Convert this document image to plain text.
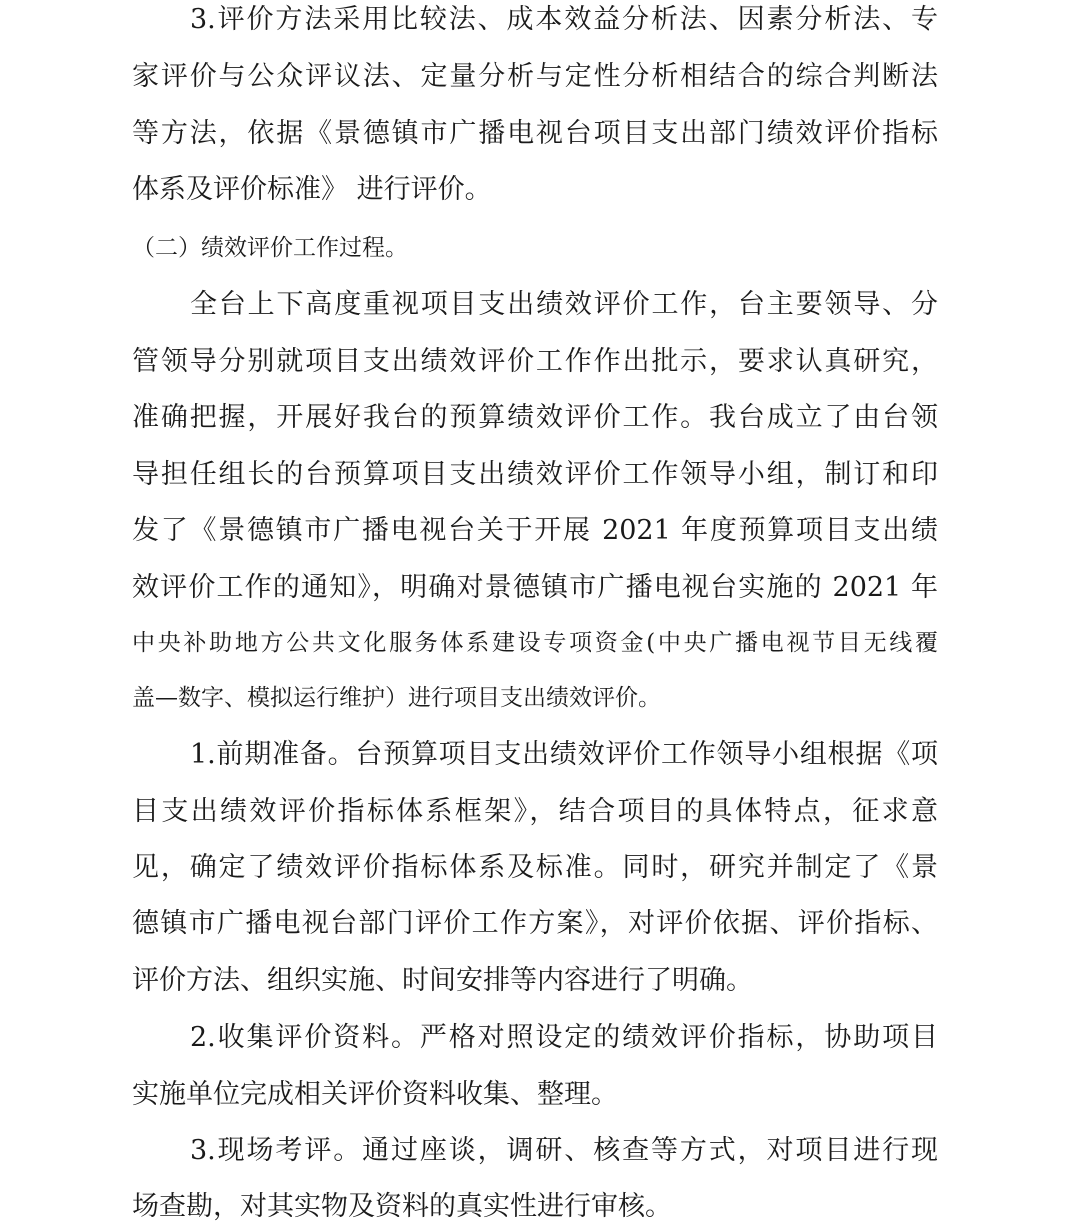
3.评价方法采用比较法、成本效益分析法、因素分析法、专
家评价与公众评议法、定量分析与定性分析相结合的综合判断法
等方法，依据《景德镇市广播电视台项目支出部门绩效评价指标
体系及评价标准》 进行评价。
（二）绩效评价工作过程。
全台上下高度重视项目支出绩效评价工作，台主要领导、分
管领导分别就项目支出绩效评价工作作出批示，要求认真研究，
准确把握，开展好我台的预算绩效评价工作。我台成立了由台领
导担任组长的台预算项目支出绩效评价工作领导小组，制订和印
发了《景德镇市广播电视台关于开展 2021 年度预算项目支出绩
效评价工作的通知》，明确对景德镇市广播电视台实施的 2021 年
中央补助地方公共文化服务体系建设专项资金(中央广播电视节目无线覆
盖—数字、模拟运行维护）进行项目支出绩效评价。
1.前期准备。台预算项目支出绩效评价工作领导小组根据《项
目支出绩效评价指标体系框架》，结合项目的具体特点，征求意
见，确定了绩效评价指标体系及标准。同时，研究并制定了《景
德镇市广播电视台部门评价工作方案》，对评价依据、评价指标、
评价方法、组织实施、时间安排等内容进行了明确。
2.收集评价资料。严格对照设定的绩效评价指标，协助项目
实施单位完成相关评价资料收集、整理。
3.现场考评。通过座谈，调研、核查等方式，对项目进行现
场查勘，对其实物及资料的真实性进行审核。
